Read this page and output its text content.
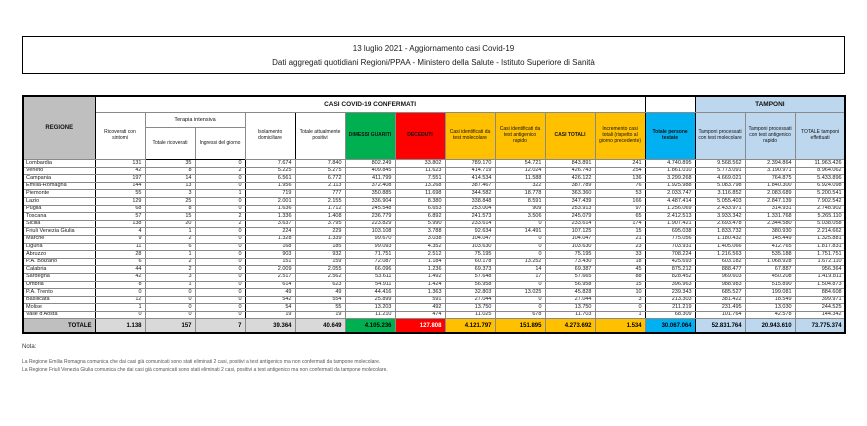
13 luglio 2021 - Aggiornamento casi Covid-19
Dati aggregati quotidiani Regioni/PPAA - Ministero della Salute - Istituto Superiore di Sanità
REGIONE	CASI COVID-19 CONFERMATI												TAMPONI			
	Ricoverati con sintomi	Terapia intensiva		Isolamento domiciliare	Totale attualmente positivi	DIMESSI GUARITI	DECEDUTI	Casi identificati da test molecolare	Casi identificati da test antigenico rapido	CASI TOTALI	Incremento casi totali (rispetto al giorno precedente)	Totale persone testate	Tamponi processati con test molecolare	Tamponi processati con test antigenico rapido	TOTALE tamponi effettuati	
		Totale ricoverati	Ingressi del giorno													
Lombardia	131	35	0	7.674	7.840	802.249	33.802	789.170	54.721	843.891	241	4.740.895	9.568.562	2.394.864	11.963.426	
Veneto	42	8	2	5.225	5.275	409.845	11.623	414.719	12.024	426.743	254	1.861.010	5.773.091	3.190.971	8.964.062	
Campania	197	14	0	6.561	6.772	411.799	7.551	414.534	11.588	426.122	136	3.299.268	4.669.021	764.875	5.433.896	
Emilia-Romagna	144	13	0	1.956	2.113	372.408	13.268	387.467	322	387.789	76	1.925.988	5.083.798	1.840.300	6.924.098	
Piemonte	55	3	1	719	777	350.885	11.698	344.582	18.778	363.360	53	2.033.747	3.116.852	2.083.689	5.200.541	
Lazio	129	25	0	2.001	2.155	336.904	8.380	338.848	8.591	347.439	166	4.487.414	5.055.403	2.847.139	7.902.542	
Puglia	68	8	0	1.636	1.712	245.548	6.653	253.004	909	253.913	97	1.256.069	2.433.971	314.931	2.748.902	
Toscana	57	15	2	1.336	1.408	236.779	6.892	241.573	3.506	245.079	65	2.412.513	3.933.342	1.331.768	5.265.110	
Sicilia	138	20	2	3.637	3.795	223.829	5.990	233.614	0	233.614	174	1.907.421	2.693.478	2.344.580	5.038.058	
Friuli Venezia Giulia	4	1	0	224	229	103.108	3.788	92.634	14.491	107.125	15	695.038	1.833.732	380.930	2.214.662	
Marche	9	2	0	1.328	1.339	99.670	3.038	104.047	0	104.047	21	775.056	1.180.432	145.449	1.325.881	
Liguria	11	6	0	168	185	99.093	4.352	103.630	0	103.630	23	703.931	1.405.066	412.765	1.817.831	
Abruzzo	28	1	0	903	932	71.751	2.512	75.195	0	75.195	33	708.224	1.216.563	535.188	1.751.751	
P.A. Bolzano	6	2	0	151	159	72.087	1.184	60.178	13.252	73.430	18	425.693	603.182	1.068.928	1.672.110	
Calabria	44	2	0	2.009	2.055	66.096	1.236	69.373	14	69.387	45	875.212	888.477	67.887	956.364	
Sardegna	42	3	0	2.517	2.562	53.611	1.492	57.648	17	57.665	88	828.452	969.603	450.208	1.419.811	
Umbria	8	1	0	614	623	54.911	1.424	56.958	0	56.958	15	396.963	988.983	515.890	1.504.873	
P.A. Trento	0	0	0	49	49	44.416	1.363	32.803	13.025	45.828	10	239.343	685.527	199.081	884.608	
Basilicata	12	0	0	542	554	25.899	591	27.044	0	27.044	3	213.303	381.422	18.549	399.971	
Molise	1	0	0	54	55	13.203	492	13.750	0	13.750	0	211.219	231.495	13.030	244.525	
Valle d'Aosta	0	0	0	19	19	11.210	474	11.025	678	11.703	1	68.309	101.764	42.578	144.342	
TOTALE	1.138	157	7	39.364	40.649	4.105.236	127.808	4.121.797	151.895	4.273.692	1.534	30.067.064	52.831.764	20.943.610	73.775.374	
Nota:
La Regione Emilia Romagna comunica che dai casi già comunicati sono stati eliminati 2 casi, positivi a test antigenico ma non confermati da tampone molecolare.
La Regione Friuli Venezia Giulia comunica che dai casi già comunicati sono stati eliminati 2 casi, positivi a test antigenico ma non confermati da tampone molecolare.
